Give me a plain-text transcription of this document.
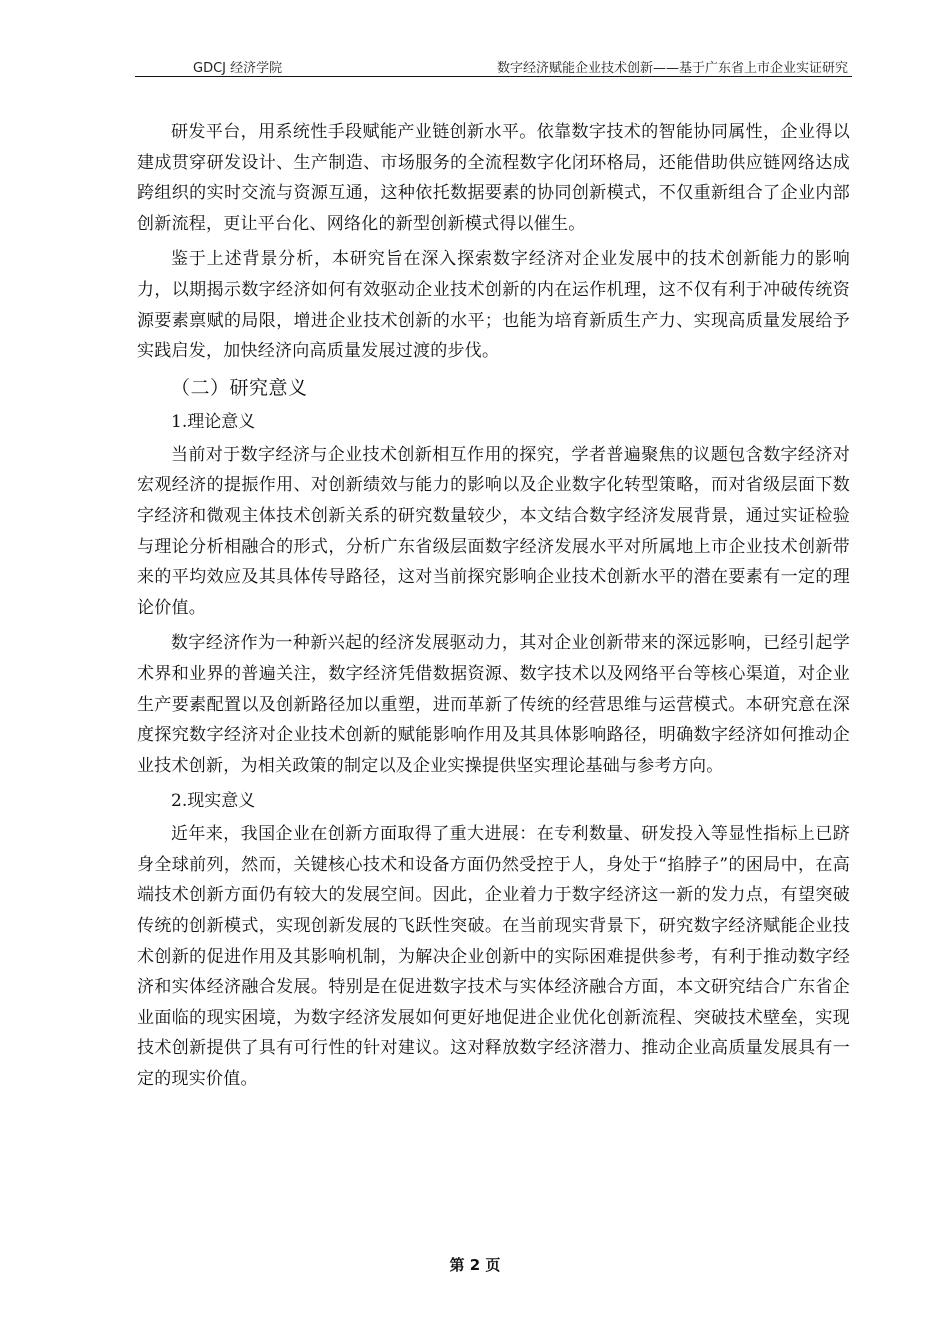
GDCJ 经济学院	数字经济赋能企业技术创新——基于广东省上市企业实证研究

研发平台，用系统性手段赋能产业链创新水平。依靠数字技术的智能协同属性，企业得以建成贯穿研发设计、生产制造、市场服务的全流程数字化闭环格局，还能借助供应链网络达成跨组织的实时交流与资源互通，这种依托数据要素的协同创新模式，不仅重新组合了企业内部创新流程，更让平台化、网络化的新型创新模式得以催生。

鉴于上述背景分析，本研究旨在深入探索数字经济对企业发展中的技术创新能力的影响力，以期揭示数字经济如何有效驱动企业技术创新的内在运作机理，这不仅有利于冲破传统资源要素禀赋的局限，增进企业技术创新的水平；也能为培育新质生产力、实现高质量发展给予实践启发，加快经济向高质量发展过渡的步伐。

（二）研究意义
1.理论意义

当前对于数字经济与企业技术创新相互作用的探究，学者普遍聚焦的议题包含数字经济对宏观经济的提振作用、对创新绩效与能力的影响以及企业数字化转型策略，而对省级层面下数字经济和微观主体技术创新关系的研究数量较少，本文结合数字经济发展背景，通过实证检验与理论分析相融合的形式，分析广东省级层面数字经济发展水平对所属地上市企业技术创新带来的平均效应及其具体传导路径，这对当前探究影响企业技术创新水平的潜在要素有一定的理论价值。

数字经济作为一种新兴起的经济发展驱动力，其对企业创新带来的深远影响，已经引起学术界和业界的普遍关注，数字经济凭借数据资源、数字技术以及网络平台等核心渠道，对企业生产要素配置以及创新路径加以重塑，进而革新了传统的经营思维与运营模式。本研究意在深度探究数字经济对企业技术创新的赋能影响作用及其具体影响路径，明确数字经济如何推动企业技术创新，为相关政策的制定以及企业实操提供坚实理论基础与参考方向。

2.现实意义

近年来，我国企业在创新方面取得了重大进展：在专利数量、研发投入等显性指标上已跻身全球前列，然而，关键核心技术和设备方面仍然受控于人，身处于“掐脖子”的困局中，在高端技术创新方面仍有较大的发展空间。因此，企业着力于数字经济这一新的发力点，有望突破传统的创新模式，实现创新发展的飞跃性突破。在当前现实背景下，研究数字经济赋能企业技术创新的促进作用及其影响机制，为解决企业创新中的实际困难提供参考，有利于推动数字经济和实体经济融合发展。特别是在促进数字技术与实体经济融合方面，本文研究结合广东省企业面临的现实困境，为数字经济发展如何更好地促进企业优化创新流程、突破技术壁垒，实现技术创新提供了具有可行性的针对建议。这对释放数字经济潜力、推动企业高质量发展具有一定的现实价值。

第 2 页
